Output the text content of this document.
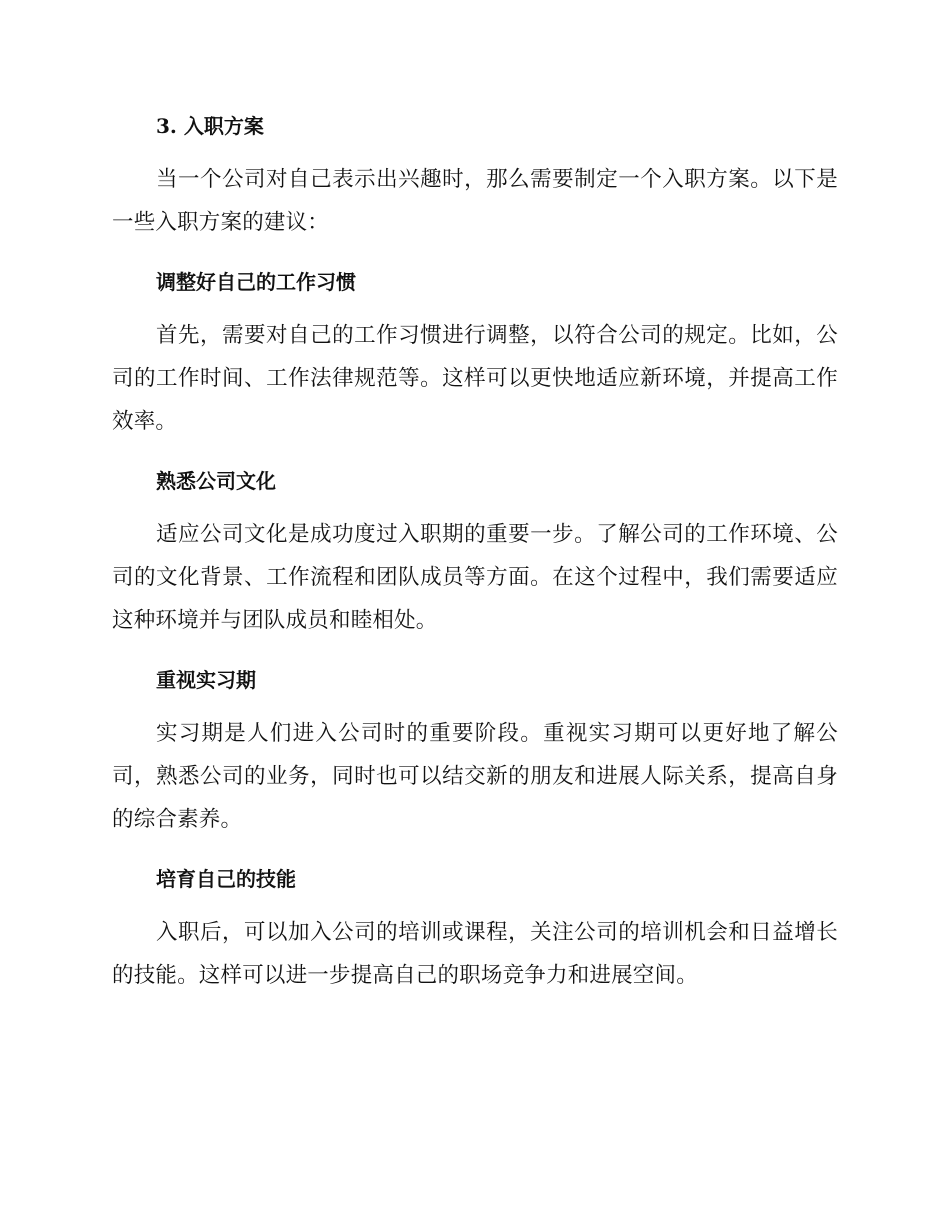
3. 入职方案

当一个公司对自己表示出兴趣时，那么需要制定一个入职方案。以下是一些入职方案的建议：

调整好自己的工作习惯

首先，需要对自己的工作习惯进行调整，以符合公司的规定。比如，公司的工作时间、工作法律规范等。这样可以更快地适应新环境，并提高工作效率。

熟悉公司文化

适应公司文化是成功度过入职期的重要一步。了解公司的工作环境、公司的文化背景、工作流程和团队成员等方面。在这个过程中，我们需要适应这种环境并与团队成员和睦相处。

重视实习期

实习期是人们进入公司时的重要阶段。重视实习期可以更好地了解公司，熟悉公司的业务，同时也可以结交新的朋友和进展人际关系，提高自身的综合素养。

培育自己的技能

入职后，可以加入公司的培训或课程，关注公司的培训机会和日益增长的技能。这样可以进一步提高自己的职场竞争力和进展空间。
